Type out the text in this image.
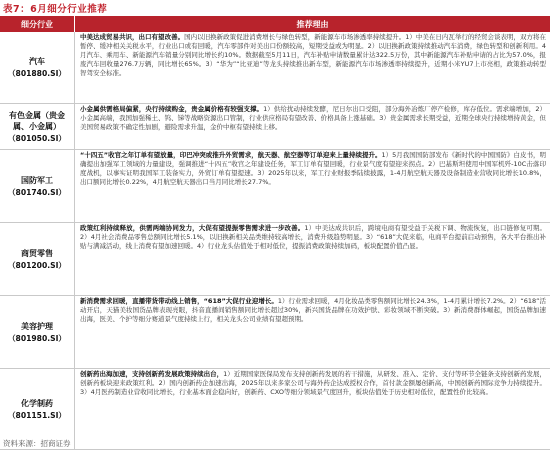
表7：6月细分行业推荐
细分行业	推荐理由
汽车
（801880.SI）
中美达成贸易共识，出口有望改善。国内以旧换新政策促进消费增长与绿色转型，新能源车市场渗透率持续提升。1）中美在日内瓦举行的经贸会谈表明，双方将在暂停、缓冲相关关税水平，行业出口或有回暖，汽车零部件对美出口份额较高，短期受益或为明显。2）以旧换新政策持续推动汽车消费，绿色转型和创新利用。4月汽车、乘用车、新能源汽车销量分别同比增长约10%。数据截至5月11日，汽车补贴申请数量累计达322.5万份，其中新能源汽车补贴申请的占比为57.0%，报废汽车回收量276.7万辆，同比增长65%。3）“华为”“比亚迪”等龙头持续推出新车型，新能源汽车市场渗透率持续提升，近期小米YU7上市亮相，政策推动转型智驾安全标准。
有色金属（贵金属、小金属）
（801050.SI）
小金属供需格局偏紧，央行持续购金，贵金属价格有较强支撑。1）供给扰动持续发酵，尼日尔出口受阻，部分海外冶炼厂停产检修，库存低位。需求端增加，2）小金属高端，我国加强稀土、钨、锑等战略资源出口管制，行业供应格局有望改善、价格具备上涨基础。3）贵金属需求长期受益，近期全球央行持续增持黄金，但美国贸易政策不确定性加剧，避险需求升温，金价中枢有望持续上移。
国防军工
（801740.SI）
“十四五”收官之年订单有望放量，印巴冲突或推升外贸需求，航天器、航空器等订单迎来上量持续提升。1）5月我国国防部发布《新时代的中国国防》白皮书，明确提出加强军工领域的力量建设，强调推进“十四五”收官之年建设任务，军工订单有望回暖，行业景气度有望迎来拐点。2）巴基斯坦使用中国军机歼-10C击落印度战机，以事实证明我国军工装备实力，外贸订单有望提速。3）2025年以来，军工行业财报季陆续披露，1-4月航空航天器及设备制造业营收同比增长10.8%，出口额同比增长0.22%，4月航空航天器出口当月同比增长27.7%。
商贸零售
（801200.SI）
政策红利持续释放，供需两端协同发力，大促有望提振零售需求进一步改善。1）中美达成共识后，跨境电商有望受益于关税下调、物流恢复，出口链修复可期。2）4月社会消费品零售总额同比增长5.1%，以旧换新相关品类维持较高增长，消费升级趋势明显。3）“618”大促来临，电商平台提前启动预售，各大平台推出补贴与满减活动，线上消费有望加速回暖。4）行业龙头估值处于相对低位，提振消费政策持续加码，板块配置价值凸显。
美容护理
（801980.SI）
新消费需求回暖，直播带货带动线上销售，“618”大促行业迎增长。1）行业需求回暖，4月化妆品类零售额同比增长24.3%，1-4月累计增长7.2%。2）“618”活动开启，天猫美妆国货品牌表现亮眼，抖音直播间销售额同比增长超过30%，新兴国货品牌在功效护肤、彩妆领域不断突破。3）新消费群体崛起，国货品牌加速出海，医美、个护等细分赛道景气度持续上行，相关龙头公司业绩有望超预期。
化学制药
（801151.SI）
创新药出海加速，支持创新药发展政策持续出台，1）近期国家医保局发布支持创新药发展的若干措施，从研发、准入、定价、支付等环节全链条支持创新药发展，创新药板块迎来政策红利。2）国内创新药企加速出海，2025年以来多家公司与海外药企达成授权合作，首付款金额屡创新高，中国创新药国际竞争力持续提升。3）4月医药制造业营收同比增长，行业基本面企稳向好，创新药、CXO等细分领域景气度回升，板块估值处于历史相对低位，配置性价比较高。
资料来源：招商证券
